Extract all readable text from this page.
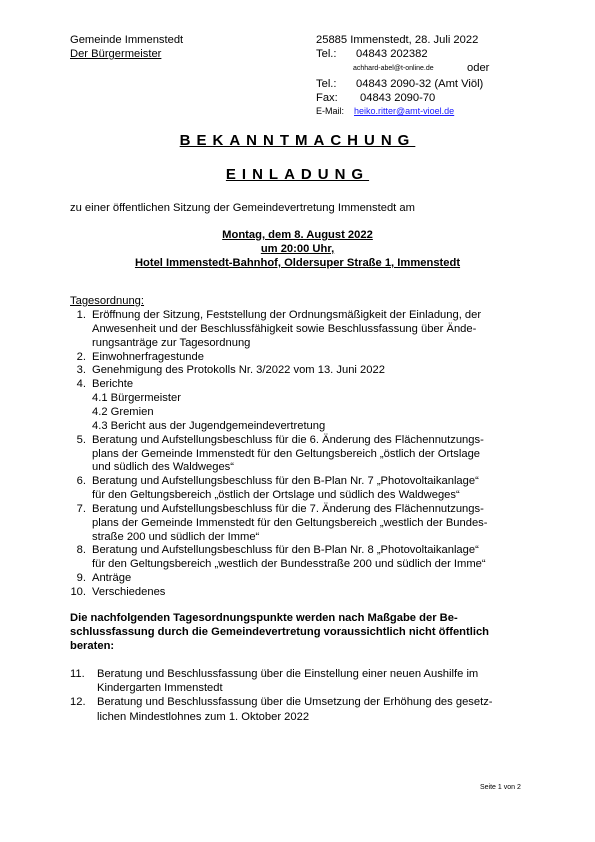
Gemeinde Immenstedt
Der Bürgermeister
25885 Immenstedt, 28. Juli 2022
Tel.: 04843 202382
achhard-abel@t-online.de	oder
Tel.: 04843 2090-32 (Amt Viöl)
Fax: 04843 2090-70
E-Mail: heiko.ritter@amt-vioel.de
BEKANNTMACHUNG
EINLADUNG
zu einer öffentlichen Sitzung der Gemeindevertretung Immenstedt am
Montag, dem 8. August 2022
um 20:00 Uhr,
Hotel Immenstedt-Bahnhof, Oldersuper Straße 1, Immenstedt
Tagesordnung:
1. Eröffnung der Sitzung, Feststellung der Ordnungsmäßigkeit der Einladung, der
Anwesenheit und der Beschlussfähigkeit sowie Beschlussfassung über Ände-
rungsanträge zur Tagesordnung
2. Einwohnerfragestunde
3. Genehmigung des Protokolls Nr. 3/2022 vom 13. Juni 2022
4. Berichte
4.1 Bürgermeister
4.2 Gremien
4.3 Bericht aus der Jugendgemeindevertretung
5. Beratung und Aufstellungsbeschluss für die 6. Änderung des Flächennutzungs-
plans der Gemeinde Immenstedt für den Geltungsbereich „östlich der Ortslage
und südlich des Waldweges“
6. Beratung und Aufstellungsbeschluss für den B-Plan Nr. 7 „Photovoltaikanlage“
für den Geltungsbereich „östlich der Ortslage und südlich des Waldweges“
7. Beratung und Aufstellungsbeschluss für die 7. Änderung des Flächennutzungs-
plans der Gemeinde Immenstedt für den Geltungsbereich „westlich der Bundes-
straße 200 und südlich der Imme“
8. Beratung und Aufstellungsbeschluss für den B-Plan Nr. 8 „Photovoltaikanlage“
für den Geltungsbereich „westlich der Bundesstraße 200 und südlich der Imme“
9. Anträge
10. Verschiedenes
Die nachfolgenden Tagesordnungspunkte werden nach Maßgabe der Be-
schlussfassung durch die Gemeindevertretung voraussichtlich nicht öffentlich
beraten:
11. Beratung und Beschlussfassung über die Einstellung einer neuen Aushilfe im
Kindergarten Immenstedt
12. Beratung und Beschlussfassung über die Umsetzung der Erhöhung des gesetz-
lichen Mindestlohnes zum 1. Oktober 2022
Seite 1 von 2
